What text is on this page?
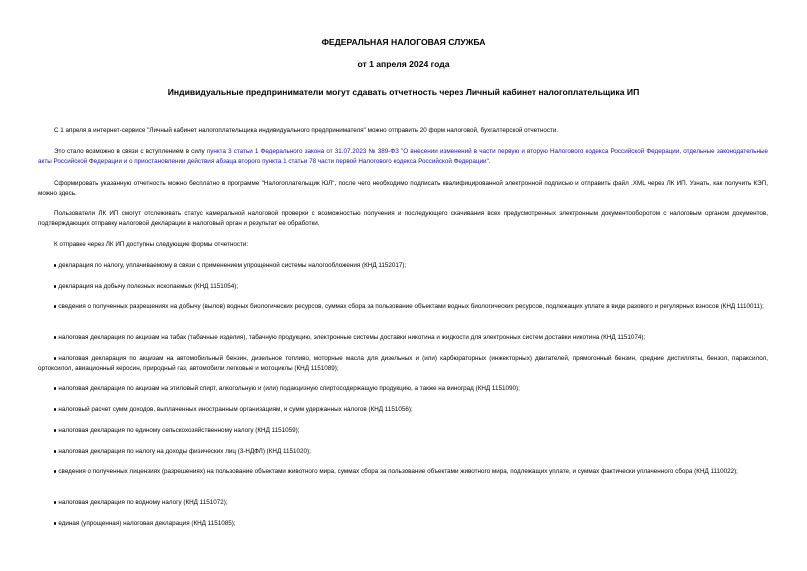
ФЕДЕРАЛЬНАЯ НАЛОГОВАЯ СЛУЖБА

от 1 апреля 2024 года

Индивидуальные предприниматели могут сдавать отчетность через Личный кабинет налогоплательщика ИП

С 1 апреля в интернет-сервисе "Личный кабинет налогоплательщика индивидуального предпринимателя" можно отправить 20 форм налоговой, бухгалтерской отчетности.

Это стало возможно в связи с вступлением в силу пункта 3 статьи 1 Федерального закона от 31.07.2023 № 389-ФЗ "О внесении изменений в части первую и вторую Налогового кодекса Российской Федерации, отдельные законодательные акты Российской Федерации и о приостановлении действия абзаца второго пункта 1 статьи 78 части первой Налогового кодекса Российской Федерации".

Сформировать указанную отчетность можно бесплатно в программе "Налогоплательщик ЮЛ", после чего необходимо подписать квалифицированной электронной подписью и отправить файл .XML через ЛК ИП. Узнать, как получить КЭП, можно здесь.

Пользователи ЛК ИП смогут отслеживать статус камеральной налоговой проверки с возможностью получения и последующего скачивания всех предусмотренных электронным документооборотом с налоговым органом документов, подтверждающих отправку налоговой декларации в налоговый орган и результат ее обработки.

К отправке через ЛК ИП доступны следующие формы отчетности:

декларация по налогу, уплачиваемому в связи с применением упрощенной системы налогообложения (КНД 1152017);

декларация на добычу полезных ископаемых (КНД 1151054);

сведения о полученных разрешениях на добычу (вылов) водных биологических ресурсов, суммах сбора за пользование объектами водных биологических ресурсов, подлежащих уплате в виде разового и регулярных взносов (КНД 1110011);

налоговая декларация по акцизам на табак (табачные изделия), табачную продукцию, электронные системы доставки никотина и жидкости для электронных систем доставки никотина (КНД 1151074);

налоговая декларация по акцизам на автомобильный бензин, дизельное топливо, моторные масла для дизельных и (или) карбюраторных (инжекторных) двигателей, прямогонный бензин, средние дистилляты, бензол, параксилол, ортоксилол, авиационный керосин, природный газ, автомобили легковые и мотоциклы (КНД 1151089);

налоговая декларация по акцизам на этиловый спирт, алкогольную и (или) подакцизную спиртосодержащую продукцию, а также на виноград (КНД 1151090);

налоговый расчет сумм доходов, выплаченных иностранным организациям, и сумм удержанных налогов (КНД 1151056);

налоговая декларация по единому сельскохозяйственному налогу (КНД 1151059);

налоговая декларация по налогу на доходы физических лиц (3-НДФЛ) (КНД 1151020);

сведения о полученных лицензиях (разрешениях) на пользование объектами животного мира, суммах сбора за пользование объектами животного мира, подлежащих уплате, и суммах фактически уплаченного сбора (КНД 1110022);

налоговая декларация по водному налогу (КНД 1151072);

единая (упрощенная) налоговая декларация (КНД 1151085);
